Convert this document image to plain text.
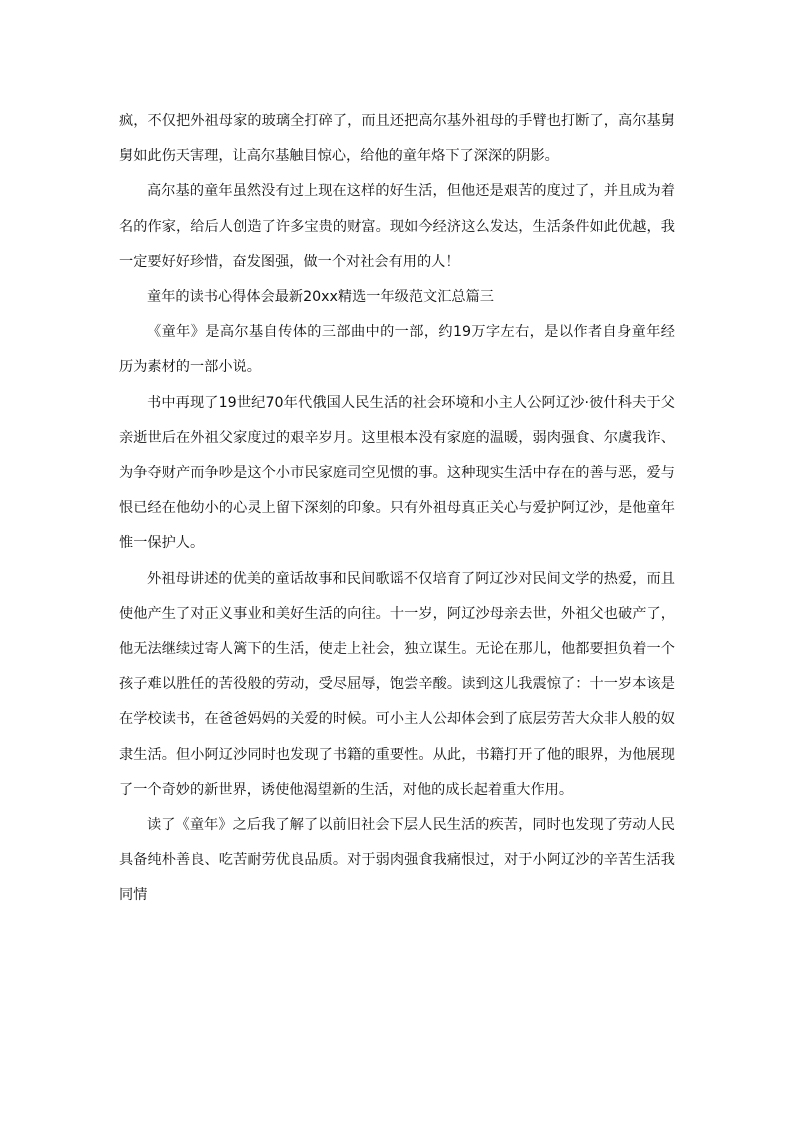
疯，不仅把外祖母家的玻璃全打碎了，而且还把高尔基外祖母的手臂也打断了，高尔基舅舅如此伤天害理，让高尔基触目惊心，给他的童年烙下了深深的阴影。

高尔基的童年虽然没有过上现在这样的好生活，但他还是艰苦的度过了，并且成为着名的作家，给后人创造了许多宝贵的财富。现如今经济这么发达，生活条件如此优越，我一定要好好珍惜，奋发图强，做一个对社会有用的人！

童年的读书心得体会最新20xx精选一年级范文汇总篇三

《童年》是高尔基自传体的三部曲中的一部，约19万字左右，是以作者自身童年经历为素材的一部小说。

书中再现了19世纪70年代俄国人民生活的社会环境和小主人公阿辽沙·彼什科夫于父亲逝世后在外祖父家度过的艰辛岁月。这里根本没有家庭的温暖，弱肉强食、尔虞我诈、为争夺财产而争吵是这个小市民家庭司空见惯的事。这种现实生活中存在的善与恶，爱与恨已经在他幼小的心灵上留下深刻的印象。只有外祖母真正关心与爱护阿辽沙，是他童年惟一保护人。

外祖母讲述的优美的童话故事和民间歌谣不仅培育了阿辽沙对民间文学的热爱，而且使他产生了对正义事业和美好生活的向往。十一岁，阿辽沙母亲去世，外祖父也破产了，他无法继续过寄人篱下的生活，使走上社会，独立谋生。无论在那儿，他都要担负着一个孩子难以胜任的苦役般的劳动，受尽屈辱，饱尝辛酸。读到这儿我震惊了：十一岁本该是在学校读书，在爸爸妈妈的关爱的时候。可小主人公却体会到了底层劳苦大众非人般的奴隶生活。但小阿辽沙同时也发现了书籍的重要性。从此，书籍打开了他的眼界，为他展现了一个奇妙的新世界，诱使他渴望新的生活，对他的成长起着重大作用。

读了《童年》之后我了解了以前旧社会下层人民生活的疾苦，同时也发现了劳动人民具备纯朴善良、吃苦耐劳优良品质。对于弱肉强食我痛恨过，对于小阿辽沙的辛苦生活我同情
